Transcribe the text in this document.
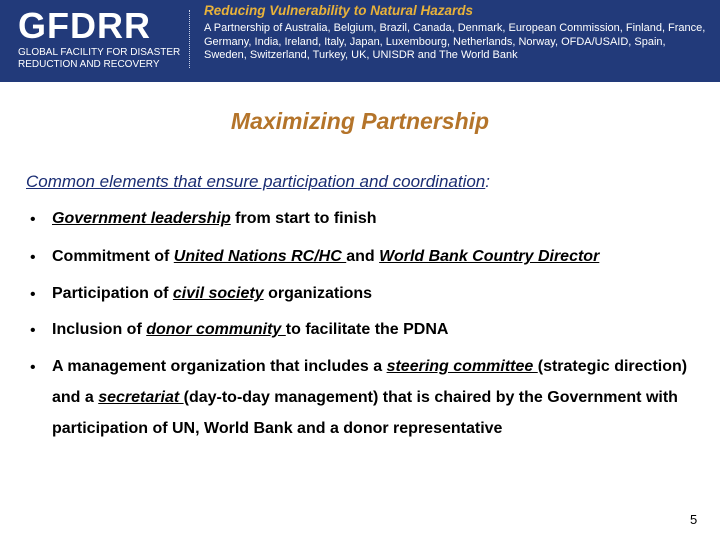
GFDRR
GLOBAL FACILITY FOR DISASTER REDUCTION AND RECOVERY
Reducing Vulnerability to Natural Hazards
A Partnership of Australia, Belgium, Brazil, Canada, Denmark, European Commission, Finland, France, Germany, India, Ireland, Italy, Japan, Luxembourg, Netherlands, Norway, OFDA/USAID, Spain, Sweden, Switzerland, Turkey, UK, UNISDR and The World Bank
Maximizing Partnership
Common elements that ensure participation and coordination:
• Government leadership from start to finish
• Commitment of United Nations RC/HC and World Bank Country Director
• Participation of civil society organizations
• Inclusion of donor community to facilitate the PDNA
• A management organization that includes a steering committee (strategic direction) and a secretariat (day-to-day management) that is chaired by the Government with participation of UN, World Bank and a donor representative
5
